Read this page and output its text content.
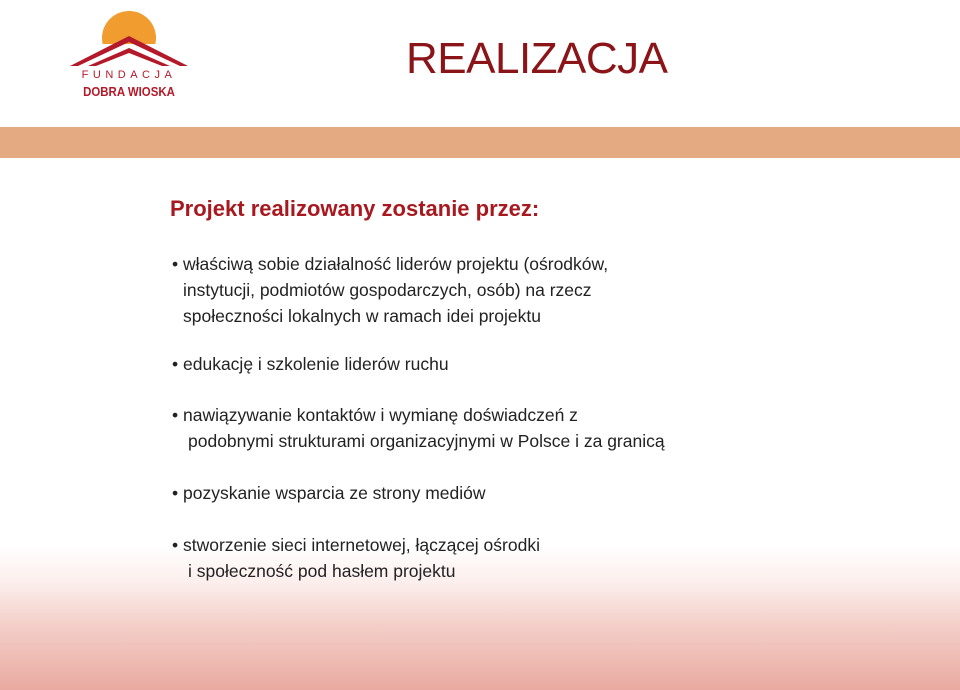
FUNDACJA
DOBRA WIOSKA
REALIZACJA
Projekt realizowany zostanie przez:
• właściwą sobie działalność liderów projektu (ośrodków,
instytucji, podmiotów gospodarczych, osób) na rzecz
społeczności lokalnych w ramach idei projektu
• edukację i szkolenie liderów ruchu
• nawiązywanie kontaktów i wymianę doświadczeń z
podobnymi strukturami organizacyjnymi w Polsce i za granicą
• pozyskanie wsparcia ze strony mediów
• stworzenie sieci internetowej, łączącej ośrodki
i społeczność pod hasłem projektu
